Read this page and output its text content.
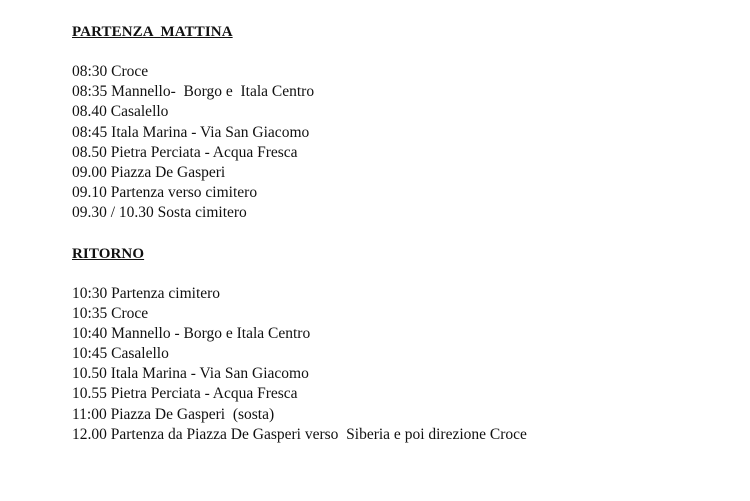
PARTENZA  MATTINA
08:30 Croce
08:35 Mannello-  Borgo e  Itala Centro
08.40 Casalello
08:45 Itala Marina - Via San Giacomo
08.50 Pietra Perciata - Acqua Fresca
09.00 Piazza De Gasperi
09.10 Partenza verso cimitero
09.30 / 10.30 Sosta cimitero
RITORNO
10:30 Partenza cimitero
10:35 Croce
10:40 Mannello - Borgo e Itala Centro
10:45 Casalello
10.50 Itala Marina - Via San Giacomo
10.55 Pietra Perciata - Acqua Fresca
11:00 Piazza De Gasperi  (sosta)
12.00 Partenza da Piazza De Gasperi verso  Siberia e poi direzione Croce
